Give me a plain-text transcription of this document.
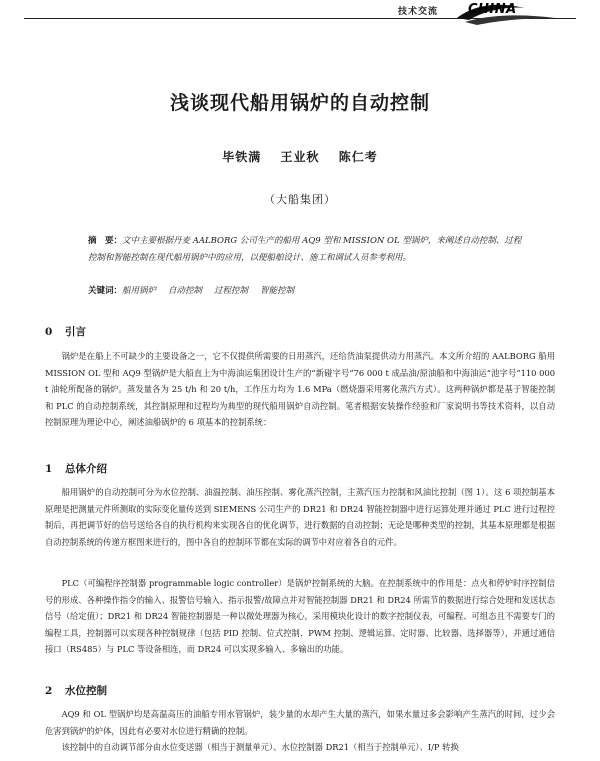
技术交流 CHINA
浅谈现代船用锅炉的自动控制
毕铁满 王业秋 陈仁考
（大船集团）
摘　要：文中主要根据丹麦 AALBORG 公司生产的船用 AQ9 型和 MISSION OL 型锅炉，来阐述自动控制、过程控制和智能控制在现代船用锅炉中的应用，以便船舶设计、施工和调试人员参考利用。
关键词：船用锅炉 自动控制 过程控制 智能控制
0 引言
锅炉是在船上不可缺少的主要设备之一，它不仅提供所需要的日用蒸汽，还给货油泵提供动力用蒸汽。本文所介绍的 AALBORG 船用 MISSION OL 型和 AQ9 型锅炉是大船直上为中海油运集团设计生产的“新碰字号”76 000 t 成品油/原油船和中海油运“池字号”110 000 t 油轮所配备的锅炉。蒸发量各为 25 t/h 和 20 t/h，工作压力均为 1.6 MPa（燃烧器采用雾化蒸汽方式）。这两种锅炉都是基于智能控制和 PLC 的自动控制系统，其控制原理和过程均为典型的现代船用锅炉自动控制。笔者根据安装操作经验和厂家说明书等技术资料，以自动控制原理为理论中心，阐述油船锅炉的 6 项基本的控制系统：
1 总体介绍
船用锅炉的自动控制可分为水位控制、油温控制、油压控制、雾化蒸汽控制，主蒸汽压力控制和风油比控制（图 1）。这 6 项控制基本原理是把测量元件所测取的实际变化量传送到 SIEMENS 公司生产的 DR21 和 DR24 智能控制器中进行运算处理并通过 PLC 进行过程控制后，再把调节好的信号送给各自的执行机构来实现各自的优化调节，进行数据的自动控制；无论是哪种类型的控制，其基本原理都是根据自动控制系统的传递方框图来进行的，图中各自的控制环节都在实际的调节中对应着各自的元件。
PLC（可编程序控制器 programmable logic controller）是锅炉控制系统的大脑。在控制系统中的作用是：点火和停炉时序控制信号的形成、各种操作指令的输入、报警信号输入、指示报警/故障点并对智能控制器 DR21 和 DR24 所需节的数据进行综合处理和发送状态信号（给定值）；DR21 和 DR24 智能控制器是一种以微处理器为核心，采用模块化设计的数字控制仪表，可编程、可组态且不需要专门的编程工具，控制器可以实现各种控制规律（包括 PID 控制、位式控制、PWM 控制、逻辑运算、定时器、比较器、选择器等），并通过通信接口（RS485）与 PLC 等设备相连，而 DR24 可以实现多输入、多输出的功能。
2 水位控制
AQ9 和 OL 型锅炉均是高温高压的油船专用水管锅炉，装少量的水却产生大量的蒸汽，如果水量过多会影响产生蒸汽的时间，过少会危害到锅炉的炉体，因此有必要对水位进行精确的控制。
该控制中的自动调节部分由水位变送器（相当于测量单元）、水位控制器 DR21（相当于控制单元）、I/P 转换
